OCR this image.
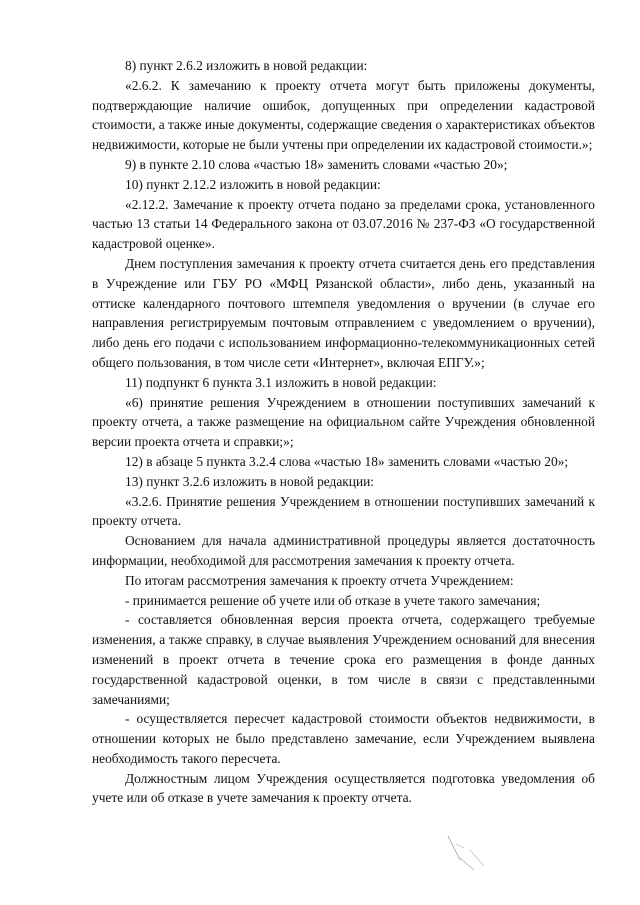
8) пункт 2.6.2 изложить в новой редакции:

«2.6.2. К замечанию к проекту отчета могут быть приложены документы, подтверждающие наличие ошибок, допущенных при определении кадастровой стоимости, а также иные документы, содержащие сведения о характеристиках объектов недвижимости, которые не были учтены при определении их кадастровой стоимости.»;

9) в пункте 2.10 слова «частью 18» заменить словами «частью 20»;

10) пункт 2.12.2 изложить в новой редакции:

«2.12.2. Замечание к проекту отчета подано за пределами срока, установленного частью 13 статьи 14 Федерального закона от 03.07.2016 № 237-ФЗ «О государственной кадастровой оценке».

Днем поступления замечания к проекту отчета считается день его представления в Учреждение или ГБУ РО «МФЦ Рязанской области», либо день, указанный на оттиске календарного почтового штемпеля уведомления о вручении (в случае его направления регистрируемым почтовым отправлением с уведомлением о вручении), либо день его подачи с использованием информационно-телекоммуникационных сетей общего пользования, в том числе сети «Интернет», включая ЕПГУ.»;

11) подпункт 6 пункта 3.1 изложить в новой редакции:

«6) принятие решения Учреждением в отношении поступивших замечаний к проекту отчета, а также размещение на официальном сайте Учреждения обновленной версии проекта отчета и справки;»;

12) в абзаце 5 пункта 3.2.4 слова «частью 18» заменить словами «частью 20»;

13) пункт 3.2.6 изложить в новой редакции:

«3.2.6. Принятие решения Учреждением в отношении поступивших замечаний к проекту отчета.

Основанием для начала административной процедуры является достаточность информации, необходимой для рассмотрения замечания к проекту отчета.

По итогам рассмотрения замечания к проекту отчета Учреждением:

- принимается решение об учете или об отказе в учете такого замечания;

- составляется обновленная версия проекта отчета, содержащего требуемые изменения, а также справку, в случае выявления Учреждением оснований для внесения изменений в проект отчета в течение срока его размещения в фонде данных государственной кадастровой оценки, в том числе в связи с представленными замечаниями;

- осуществляется пересчет кадастровой стоимости объектов недвижимости, в отношении которых не было представлено замечание, если Учреждением выявлена необходимость такого пересчета.

Должностным лицом Учреждения осуществляется подготовка уведомления об учете или об отказе в учете замечания к проекту отчета.
